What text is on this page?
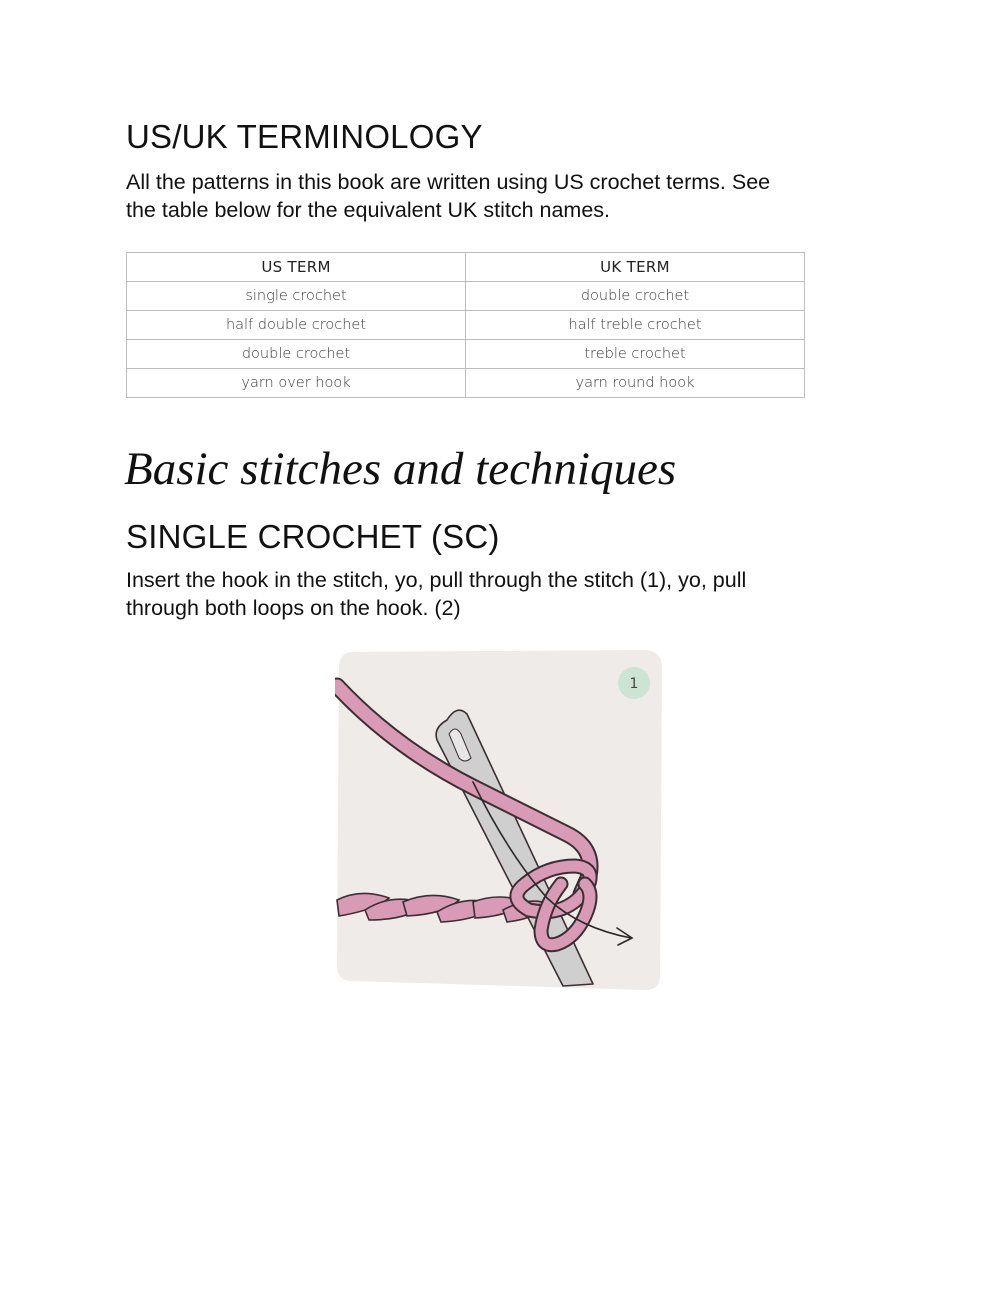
US/UK TERMINOLOGY

All the patterns in this book are written using US crochet terms. See
the table below for the equivalent UK stitch names.

US TERM	UK TERM
single crochet	double crochet
half double crochet	half treble crochet
double crochet	treble crochet
yarn over hook	yarn round hook
Basic stitches and techniques
SINGLE CROCHET (SC)

Insert the hook in the stitch, yo, pull through the stitch (1), yo, pull
through both loops on the hook. (2)

1
